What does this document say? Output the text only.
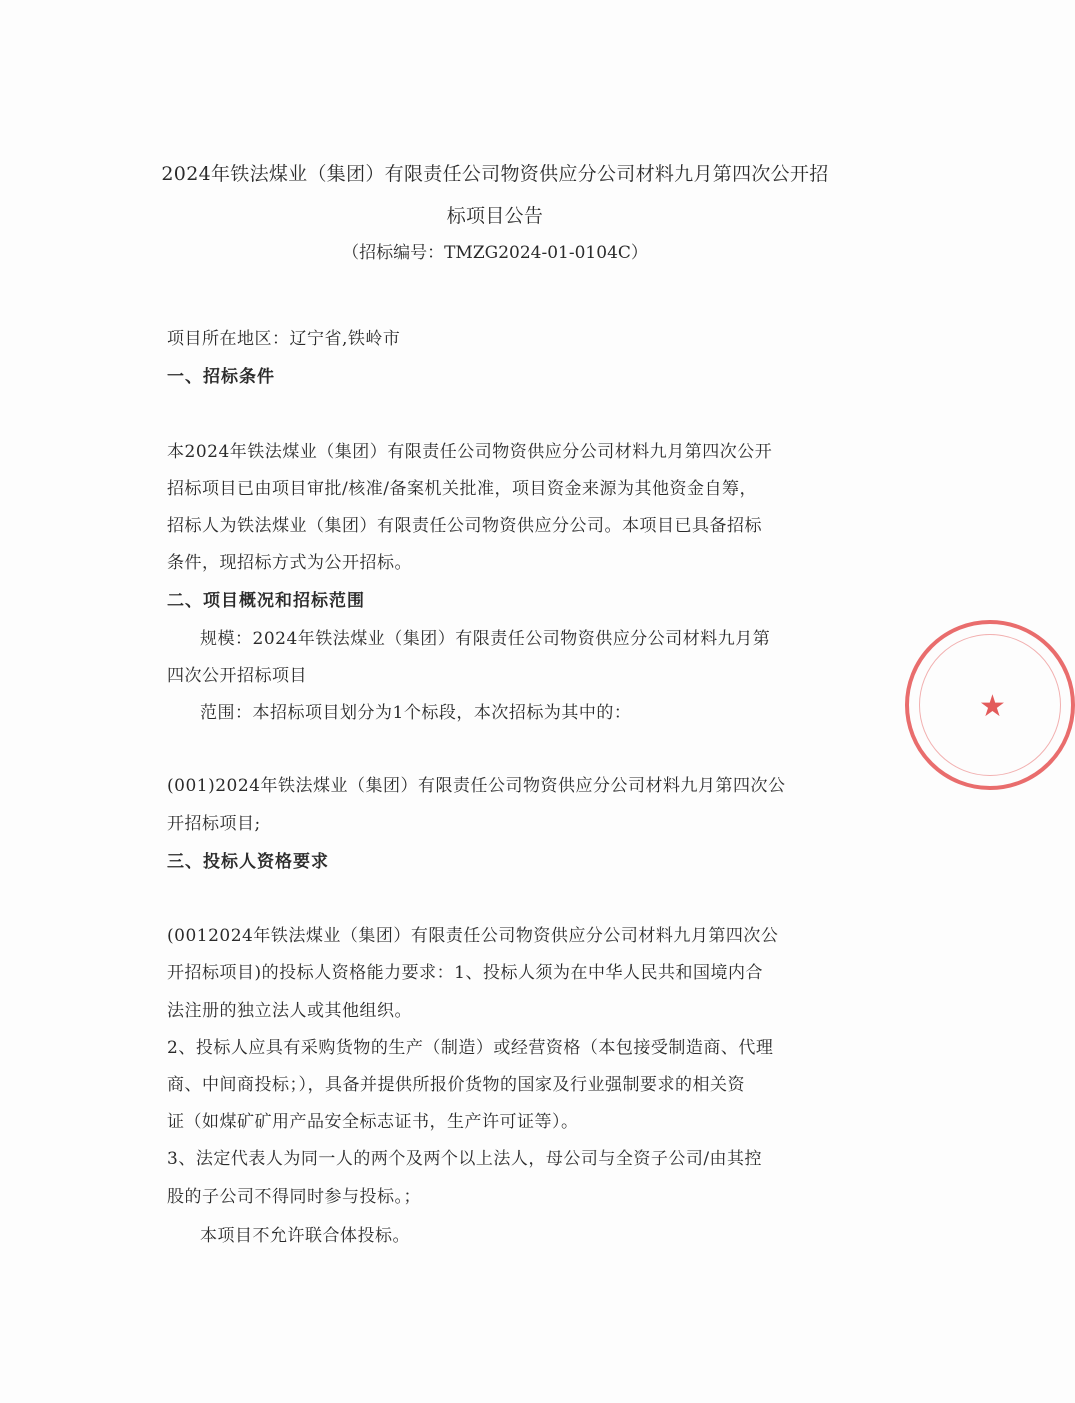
2024年铁法煤业（集团）有限责任公司物资供应分公司材料九月第四次公开招
标项目公告
（招标编号：TMZG2024-01-0104C）
项目所在地区：辽宁省,铁岭市
一、招标条件
本2024年铁法煤业（集团）有限责任公司物资供应分公司材料九月第四次公开
招标项目已由项目审批/核准/备案机关批准，项目资金来源为其他资金自筹，
招标人为铁法煤业（集团）有限责任公司物资供应分公司。本项目已具备招标
条件，现招标方式为公开招标。
二、项目概况和招标范围
规模：2024年铁法煤业（集团）有限责任公司物资供应分公司材料九月第
四次公开招标项目
范围：本招标项目划分为1个标段，本次招标为其中的：
(001)2024年铁法煤业（集团）有限责任公司物资供应分公司材料九月第四次公
开招标项目;
三、投标人资格要求
(0012024年铁法煤业（集团）有限责任公司物资供应分公司材料九月第四次公
开招标项目)的投标人资格能力要求：1、投标人须为在中华人民共和国境内合
法注册的独立法人或其他组织。
2、投标人应具有采购货物的生产（制造）或经营资格（本包接受制造商、代理
商、中间商投标；），具备并提供所报价货物的国家及行业强制要求的相关资
证（如煤矿矿用产品安全标志证书，生产许可证等）。
3、法定代表人为同一人的两个及两个以上法人，母公司与全资子公司/由其控
股的子公司不得同时参与投标。；
本项目不允许联合体投标。
★
